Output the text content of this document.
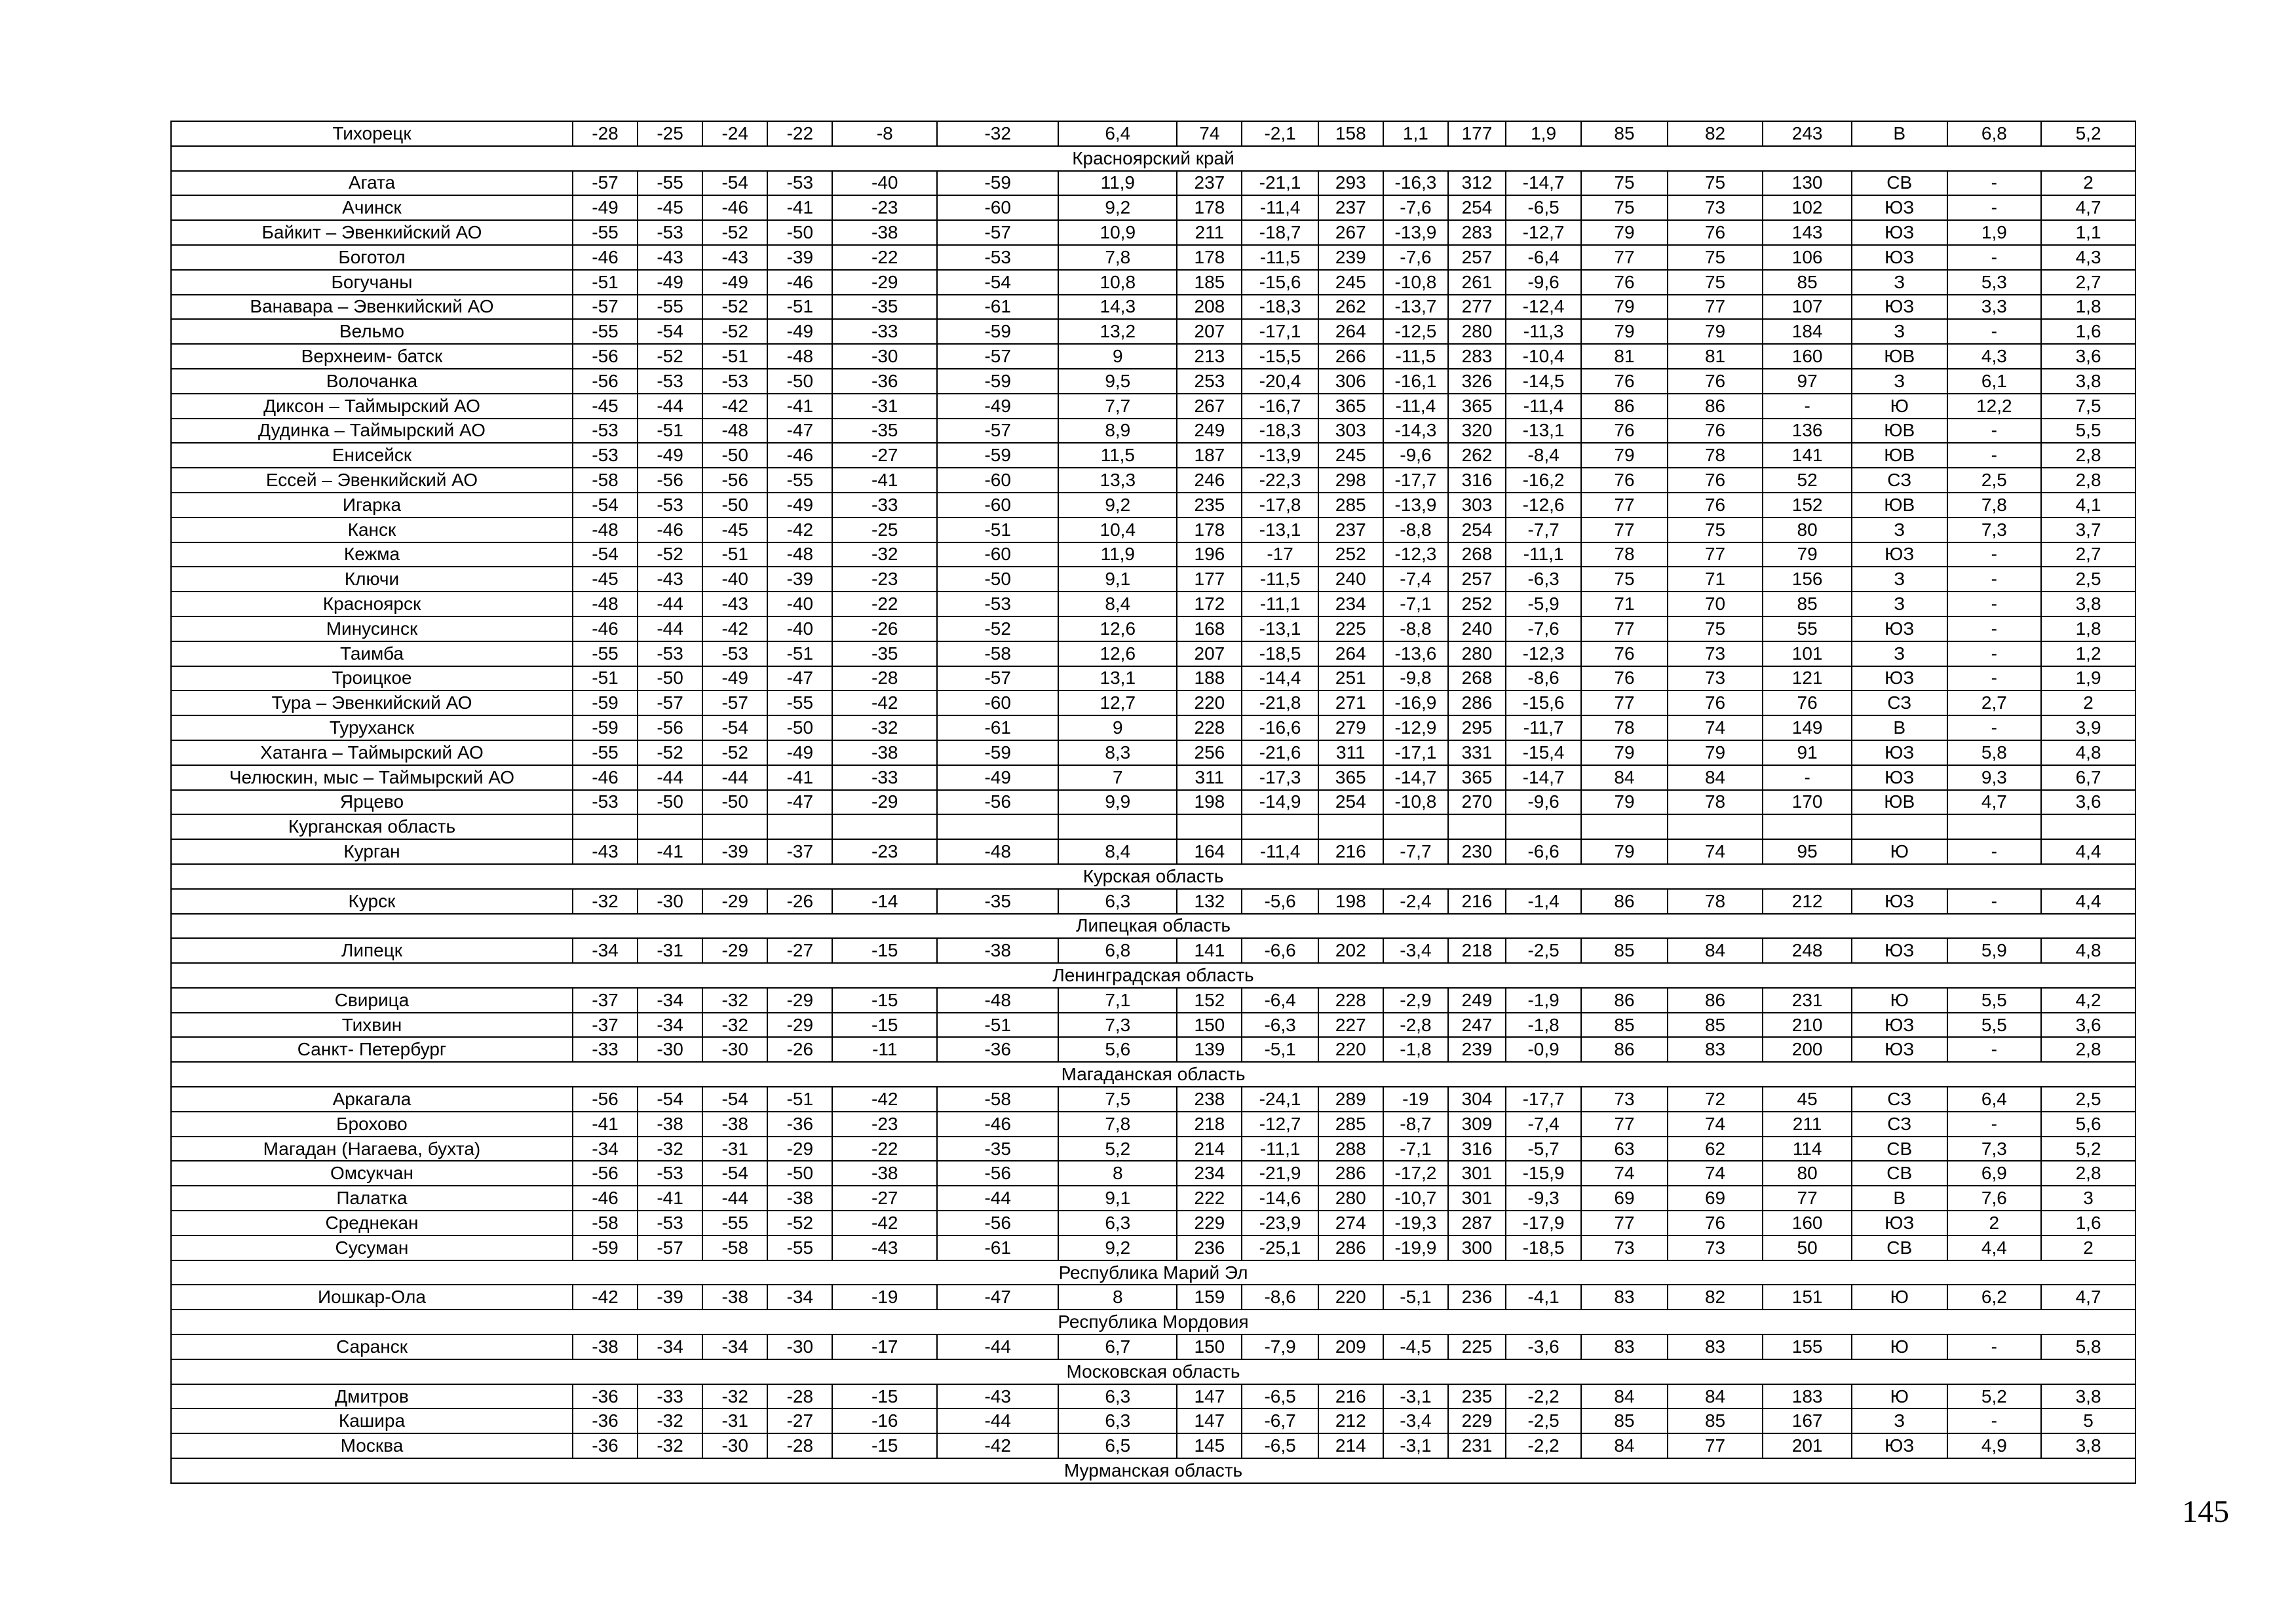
Тихорецк	-28	-25	-24	-22	-8	-32	6,4	74	-2,1	158	1,1	177	1,9	85	82	243	В	6,8	5,2
Красноярский край																			
Агата	-57	-55	-54	-53	-40	-59	11,9	237	-21,1	293	-16,3	312	-14,7	75	75	130	СВ	-	2
Ачинск	-49	-45	-46	-41	-23	-60	9,2	178	-11,4	237	-7,6	254	-6,5	75	73	102	ЮЗ	-	4,7
Байкит – Эвенкийский АО	-55	-53	-52	-50	-38	-57	10,9	211	-18,7	267	-13,9	283	-12,7	79	76	143	ЮЗ	1,9	1,1
Боготол	-46	-43	-43	-39	-22	-53	7,8	178	-11,5	239	-7,6	257	-6,4	77	75	106	ЮЗ	-	4,3
Богучаны	-51	-49	-49	-46	-29	-54	10,8	185	-15,6	245	-10,8	261	-9,6	76	75	85	З	5,3	2,7
Ванавара – Эвенкийский АО	-57	-55	-52	-51	-35	-61	14,3	208	-18,3	262	-13,7	277	-12,4	79	77	107	ЮЗ	3,3	1,8
Вельмо	-55	-54	-52	-49	-33	-59	13,2	207	-17,1	264	-12,5	280	-11,3	79	79	184	З	-	1,6
Верхнеим- батск	-56	-52	-51	-48	-30	-57	9	213	-15,5	266	-11,5	283	-10,4	81	81	160	ЮВ	4,3	3,6
Волочанка	-56	-53	-53	-50	-36	-59	9,5	253	-20,4	306	-16,1	326	-14,5	76	76	97	З	6,1	3,8
Диксон – Таймырский АО	-45	-44	-42	-41	-31	-49	7,7	267	-16,7	365	-11,4	365	-11,4	86	86	-	Ю	12,2	7,5
Дудинка – Таймырский АО	-53	-51	-48	-47	-35	-57	8,9	249	-18,3	303	-14,3	320	-13,1	76	76	136	ЮВ	-	5,5
Енисейск	-53	-49	-50	-46	-27	-59	11,5	187	-13,9	245	-9,6	262	-8,4	79	78	141	ЮВ	-	2,8
Ессей – Эвенкийский АО	-58	-56	-56	-55	-41	-60	13,3	246	-22,3	298	-17,7	316	-16,2	76	76	52	СЗ	2,5	2,8
Игарка	-54	-53	-50	-49	-33	-60	9,2	235	-17,8	285	-13,9	303	-12,6	77	76	152	ЮВ	7,8	4,1
Канск	-48	-46	-45	-42	-25	-51	10,4	178	-13,1	237	-8,8	254	-7,7	77	75	80	З	7,3	3,7
Кежма	-54	-52	-51	-48	-32	-60	11,9	196	-17	252	-12,3	268	-11,1	78	77	79	ЮЗ	-	2,7
Ключи	-45	-43	-40	-39	-23	-50	9,1	177	-11,5	240	-7,4	257	-6,3	75	71	156	З	-	2,5
Красноярск	-48	-44	-43	-40	-22	-53	8,4	172	-11,1	234	-7,1	252	-5,9	71	70	85	З	-	3,8
Минусинск	-46	-44	-42	-40	-26	-52	12,6	168	-13,1	225	-8,8	240	-7,6	77	75	55	ЮЗ	-	1,8
Таимба	-55	-53	-53	-51	-35	-58	12,6	207	-18,5	264	-13,6	280	-12,3	76	73	101	З	-	1,2
Троицкое	-51	-50	-49	-47	-28	-57	13,1	188	-14,4	251	-9,8	268	-8,6	76	73	121	ЮЗ	-	1,9
Тура – Эвенкийский АО	-59	-57	-57	-55	-42	-60	12,7	220	-21,8	271	-16,9	286	-15,6	77	76	76	СЗ	2,7	2
Туруханск	-59	-56	-54	-50	-32	-61	9	228	-16,6	279	-12,9	295	-11,7	78	74	149	В	-	3,9
Хатанга – Таймырский АО	-55	-52	-52	-49	-38	-59	8,3	256	-21,6	311	-17,1	331	-15,4	79	79	91	ЮЗ	5,8	4,8
Челюскин, мыс – Таймырский АО	-46	-44	-44	-41	-33	-49	7	311	-17,3	365	-14,7	365	-14,7	84	84	-	ЮЗ	9,3	6,7
Ярцево	-53	-50	-50	-47	-29	-56	9,9	198	-14,9	254	-10,8	270	-9,6	79	78	170	ЮВ	4,7	3,6
Курганская область																			
Курган	-43	-41	-39	-37	-23	-48	8,4	164	-11,4	216	-7,7	230	-6,6	79	74	95	Ю	-	4,4
Курская область																			
Курск	-32	-30	-29	-26	-14	-35	6,3	132	-5,6	198	-2,4	216	-1,4	86	78	212	ЮЗ	-	4,4
Липецкая область																			
Липецк	-34	-31	-29	-27	-15	-38	6,8	141	-6,6	202	-3,4	218	-2,5	85	84	248	ЮЗ	5,9	4,8
Ленинградская область																			
Свирица	-37	-34	-32	-29	-15	-48	7,1	152	-6,4	228	-2,9	249	-1,9	86	86	231	Ю	5,5	4,2
Тихвин	-37	-34	-32	-29	-15	-51	7,3	150	-6,3	227	-2,8	247	-1,8	85	85	210	ЮЗ	5,5	3,6
Санкт- Петербург	-33	-30	-30	-26	-11	-36	5,6	139	-5,1	220	-1,8	239	-0,9	86	83	200	ЮЗ	-	2,8
Магаданская область																			
Аркагала	-56	-54	-54	-51	-42	-58	7,5	238	-24,1	289	-19	304	-17,7	73	72	45	СЗ	6,4	2,5
Брохово	-41	-38	-38	-36	-23	-46	7,8	218	-12,7	285	-8,7	309	-7,4	77	74	211	СЗ	-	5,6
Магадан (Нагаева, бухта)	-34	-32	-31	-29	-22	-35	5,2	214	-11,1	288	-7,1	316	-5,7	63	62	114	СВ	7,3	5,2
Омсукчан	-56	-53	-54	-50	-38	-56	8	234	-21,9	286	-17,2	301	-15,9	74	74	80	СВ	6,9	2,8
Палатка	-46	-41	-44	-38	-27	-44	9,1	222	-14,6	280	-10,7	301	-9,3	69	69	77	В	7,6	3
Среднекан	-58	-53	-55	-52	-42	-56	6,3	229	-23,9	274	-19,3	287	-17,9	77	76	160	ЮЗ	2	1,6
Сусуман	-59	-57	-58	-55	-43	-61	9,2	236	-25,1	286	-19,9	300	-18,5	73	73	50	СВ	4,4	2
Республика Марий Эл																			
Иошкар-Ола	-42	-39	-38	-34	-19	-47	8	159	-8,6	220	-5,1	236	-4,1	83	82	151	Ю	6,2	4,7
Республика Мордовия																			
Саранск	-38	-34	-34	-30	-17	-44	6,7	150	-7,9	209	-4,5	225	-3,6	83	83	155	Ю	-	5,8
Московская область																			
Дмитров	-36	-33	-32	-28	-15	-43	6,3	147	-6,5	216	-3,1	235	-2,2	84	84	183	Ю	5,2	3,8
Кашира	-36	-32	-31	-27	-16	-44	6,3	147	-6,7	212	-3,4	229	-2,5	85	85	167	З	-	5
Москва	-36	-32	-30	-28	-15	-42	6,5	145	-6,5	214	-3,1	231	-2,2	84	77	201	ЮЗ	4,9	3,8
Мурманская область																			
145
